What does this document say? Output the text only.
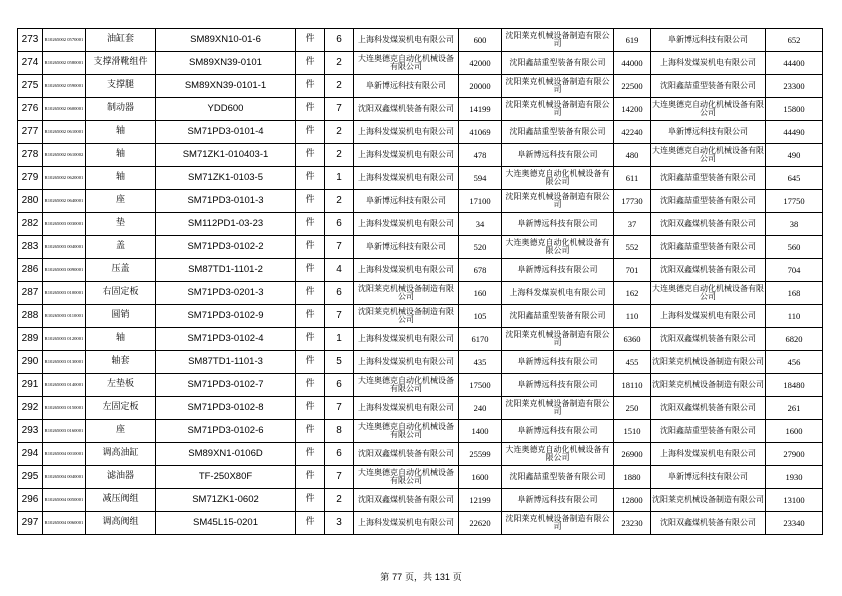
273	R10265002 0570001	油缸套	SM89XN10-01-6	件	6	上海科发煤炭机电有限公司	600	沈阳莱克机械设备制造有限公司	619	阜新博远科技有限公司	652
274	R10265002 0580001	支撑滑靴组件	SM89XN39-0101	件	2	大连奥德克自动化机械设备有限公司	42000	沈阳鑫喆重型装备有限公司	44000	上海科发煤炭机电有限公司	44400
275	R10265002 0590001	支撑腿	SM89XN39-0101-1	件	2	阜新博远科技有限公司	20000	沈阳莱克机械设备制造有限公司	22500	沈阳鑫喆重型装备有限公司	23300
276	R10265002 0600001	制动器	YDD600	件	7	沈阳双鑫煤机装备有限公司	14199	沈阳莱克机械设备制造有限公司	14200	大连奥德克自动化机械设备有限公司	15800
277	R10265002 0610001	轴	SM71PD3-0101-4	件	2	上海科发煤炭机电有限公司	41069	沈阳鑫喆重型装备有限公司	42240	阜新博远科技有限公司	44490
278	R10265002 0610002	轴	SM71ZK1-010403-1	件	2	上海科发煤炭机电有限公司	478	阜新博远科技有限公司	480	大连奥德克自动化机械设备有限公司	490
279	R10265002 0620001	轴	SM71ZK1-0103-5	件	1	上海科发煤炭机电有限公司	594	大连奥德克自动化机械设备有限公司	611	沈阳鑫喆重型装备有限公司	645
280	R10265002 0640001	座	SM71PD3-0101-3	件	2	阜新博远科技有限公司	17100	沈阳莱克机械设备制造有限公司	17730	沈阳鑫喆重型装备有限公司	17750
282	R10265003 0030001	垫	SM112PD1-03-23	件	6	上海科发煤炭机电有限公司	34	阜新博远科技有限公司	37	沈阳双鑫煤机装备有限公司	38
283	R10265003 0040001	盖	SM71PD3-0102-2	件	7	阜新博远科技有限公司	520	大连奥德克自动化机械设备有限公司	552	沈阳鑫喆重型装备有限公司	560
286	R10265003 0090001	压盖	SM87TD1-1101-2	件	4	上海科发煤炭机电有限公司	678	阜新博远科技有限公司	701	沈阳双鑫煤机装备有限公司	704
287	R10265003 0100001	右固定板	SM71PD3-0201-3	件	6	沈阳莱克机械设备制造有限公司	160	上海科发煤炭机电有限公司	162	大连奥德克自动化机械设备有限公司	168
288	R10265003 0110001	圆销	SM71PD3-0102-9	件	7	沈阳莱克机械设备制造有限公司	105	沈阳鑫喆重型装备有限公司	110	上海科发煤炭机电有限公司	110
289	R10265003 0120001	轴	SM71PD3-0102-4	件	1	上海科发煤炭机电有限公司	6170	沈阳莱克机械设备制造有限公司	6360	沈阳双鑫煤机装备有限公司	6820
290	R10265003 0130001	轴套	SM87TD1-1101-3	件	5	上海科发煤炭机电有限公司	435	阜新博远科技有限公司	455	沈阳莱克机械设备制造有限公司	456
291	R10265003 0140001	左垫板	SM71PD3-0102-7	件	6	大连奥德克自动化机械设备有限公司	17500	阜新博远科技有限公司	18110	沈阳莱克机械设备制造有限公司	18480
292	R10265003 0150001	左固定板	SM71PD3-0102-8	件	7	上海科发煤炭机电有限公司	240	沈阳莱克机械设备制造有限公司	250	沈阳双鑫煤机装备有限公司	261
293	R10265003 0160001	座	SM71PD3-0102-6	件	8	大连奥德克自动化机械设备有限公司	1400	阜新博远科技有限公司	1510	沈阳鑫喆重型装备有限公司	1600
294	R10265004 0010001	调高油缸	SM89XN1-0106D	件	6	沈阳双鑫煤机装备有限公司	25599	大连奥德克自动化机械设备有限公司	26900	上海科发煤炭机电有限公司	27900
295	R10265004 0040001	滤油器	TF-250X80F	件	7	大连奥德克自动化机械设备有限公司	1600	沈阳鑫喆重型装备有限公司	1880	阜新博远科技有限公司	1930
296	R10265004 0050001	减压阀组	SM71ZK1-0602	件	2	沈阳双鑫煤机装备有限公司	12199	阜新博远科技有限公司	12800	沈阳莱克机械设备制造有限公司	13100
297	R10265004 0060001	调高阀组	SM45L15-0201	件	3	上海科发煤炭机电有限公司	22620	沈阳莱克机械设备制造有限公司	23230	沈阳双鑫煤机装备有限公司	23340
第 77 页，共 131 页
